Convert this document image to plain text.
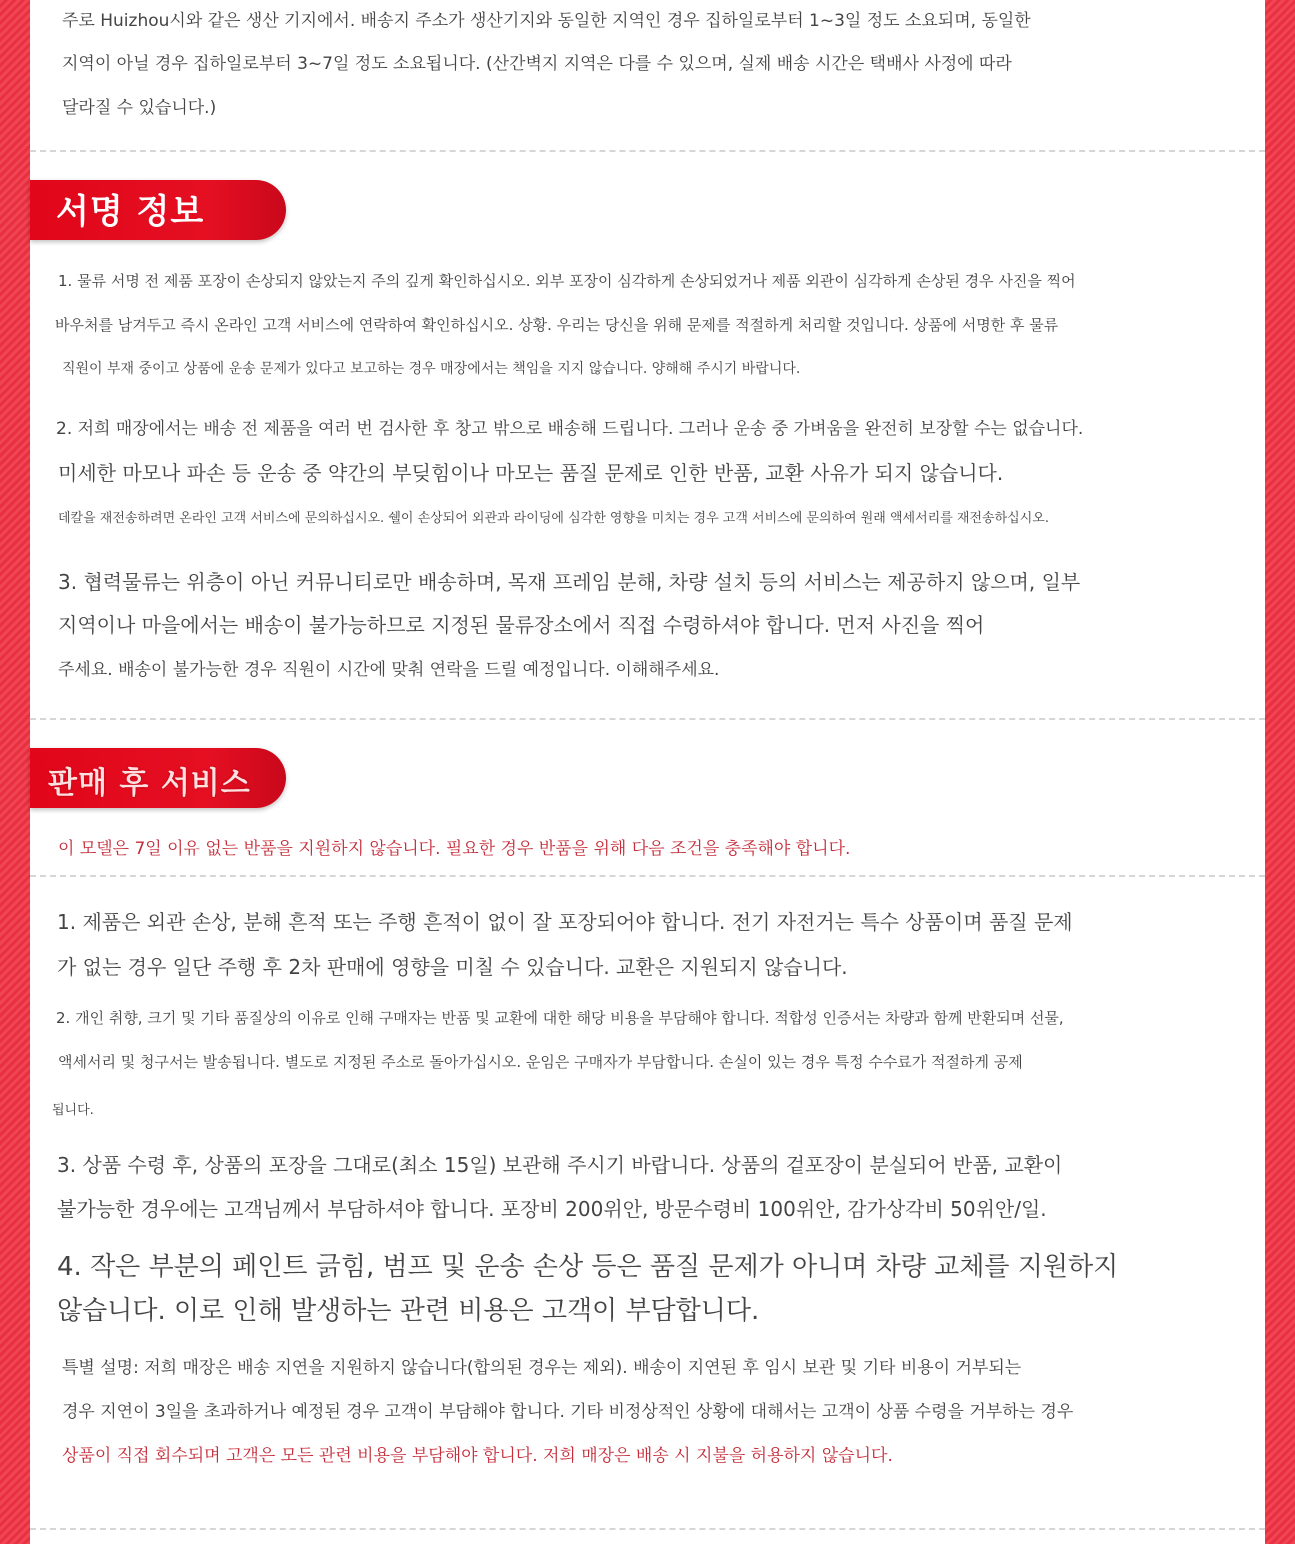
주로 Huizhou시와 같은 생산 기지에서. 배송지 주소가 생산기지와 동일한 지역인 경우 집하일로부터 1~3일 정도 소요되며, 동일한

지역이 아닐 경우 집하일로부터 3~7일 정도 소요됩니다. (산간벽지 지역은 다를 수 있으며, 실제 배송 시간은 택배사 사정에 따라

달라질 수 있습니다.)

서명 정보

1. 물류 서명 전 제품 포장이 손상되지 않았는지 주의 깊게 확인하십시오. 외부 포장이 심각하게 손상되었거나 제품 외관이 심각하게 손상된 경우 사진을 찍어

바우처를 남겨두고 즉시 온라인 고객 서비스에 연락하여 확인하십시오. 상황. 우리는 당신을 위해 문제를 적절하게 처리할 것입니다. 상품에 서명한 후 물류

직원이 부재 중이고 상품에 운송 문제가 있다고 보고하는 경우 매장에서는 책임을 지지 않습니다. 양해해 주시기 바랍니다.

2. 저희 매장에서는 배송 전 제품을 여러 번 검사한 후 창고 밖으로 배송해 드립니다. 그러나 운송 중 가벼움을 완전히 보장할 수는 없습니다.

미세한 마모나 파손 등 운송 중 약간의 부딪힘이나 마모는 품질 문제로 인한 반품, 교환 사유가 되지 않습니다.

데칼을 재전송하려면 온라인 고객 서비스에 문의하십시오. 쉘이 손상되어 외관과 라이딩에 심각한 영향을 미치는 경우 고객 서비스에 문의하여 원래 액세서리를 재전송하십시오.

3. 협력물류는 위층이 아닌 커뮤니티로만 배송하며, 목재 프레임 분해, 차량 설치 등의 서비스는 제공하지 않으며, 일부

지역이나 마을에서는 배송이 불가능하므로 지정된 물류장소에서 직접 수령하셔야 합니다. 먼저 사진을 찍어

주세요. 배송이 불가능한 경우 직원이 시간에 맞춰 연락을 드릴 예정입니다. 이해해주세요.

판매 후 서비스

이 모델은 7일 이유 없는 반품을 지원하지 않습니다. 필요한 경우 반품을 위해 다음 조건을 충족해야 합니다.

1. 제품은 외관 손상, 분해 흔적 또는 주행 흔적이 없이 잘 포장되어야 합니다. 전기 자전거는 특수 상품이며 품질 문제

가 없는 경우 일단 주행 후 2차 판매에 영향을 미칠 수 있습니다. 교환은 지원되지 않습니다.

2. 개인 취향, 크기 및 기타 품질상의 이유로 인해 구매자는 반품 및 교환에 대한 해당 비용을 부담해야 합니다. 적합성 인증서는 차량과 함께 반환되며 선물,

액세서리 및 청구서는 발송됩니다. 별도로 지정된 주소로 돌아가십시오. 운임은 구매자가 부담합니다. 손실이 있는 경우 특정 수수료가 적절하게 공제

됩니다.

3. 상품 수령 후, 상품의 포장을 그대로(최소 15일) 보관해 주시기 바랍니다. 상품의 겉포장이 분실되어 반품, 교환이

불가능한 경우에는 고객님께서 부담하셔야 합니다. 포장비 200위안, 방문수령비 100위안, 감가상각비 50위안/일.

4. 작은 부분의 페인트 긁힘, 범프 및 운송 손상 등은 품질 문제가 아니며 차량 교체를 지원하지

않습니다. 이로 인해 발생하는 관련 비용은 고객이 부담합니다.

특별 설명: 저희 매장은 배송 지연을 지원하지 않습니다(합의된 경우는 제외). 배송이 지연된 후 임시 보관 및 기타 비용이 거부되는

경우 지연이 3일을 초과하거나 예정된 경우 고객이 부담해야 합니다. 기타 비정상적인 상황에 대해서는 고객이 상품 수령을 거부하는 경우

상품이 직접 회수되며 고객은 모든 관련 비용을 부담해야 합니다. 저희 매장은 배송 시 지불을 허용하지 않습니다.
